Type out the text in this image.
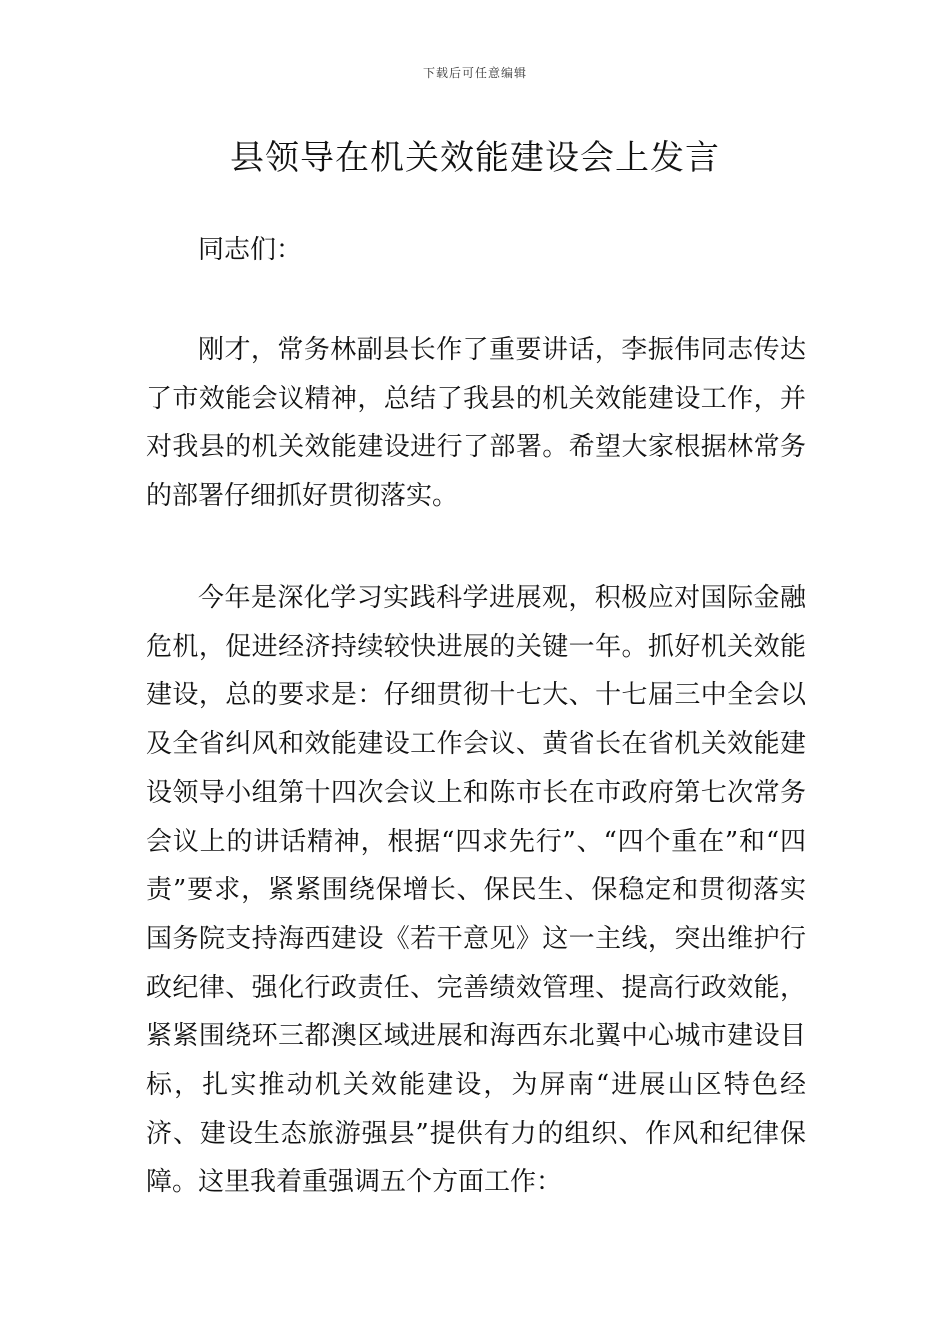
下载后可任意编辑
县领导在机关效能建设会上发言

同志们：

刚才，常务林副县长作了重要讲话，李振伟同志传达了市效能会议精神，总结了我县的机关效能建设工作，并对我县的机关效能建设进行了部署。希望大家根据林常务的部署仔细抓好贯彻落实。

今年是深化学习实践科学进展观，积极应对国际金融危机，促进经济持续较快进展的关键一年。抓好机关效能建设，总的要求是：仔细贯彻十七大、十七届三中全会以及全省纠风和效能建设工作会议、黄省长在省机关效能建设领导小组第十四次会议上和陈市长在市政府第七次常务会议上的讲话精神，根据“四求先行”、“四个重在”和“四责”要求，紧紧围绕保增长、保民生、保稳定和贯彻落实国务院支持海西建设《若干意见》这一主线，突出维护行政纪律、强化行政责任、完善绩效管理、提高行政效能，紧紧围绕环三都澳区域进展和海西东北翼中心城市建设目标，扎实推动机关效能建设，为屏南“进展山区特色经济、建设生态旅游强县”提供有力的组织、作风和纪律保障。这里我着重强调五个方面工作：
